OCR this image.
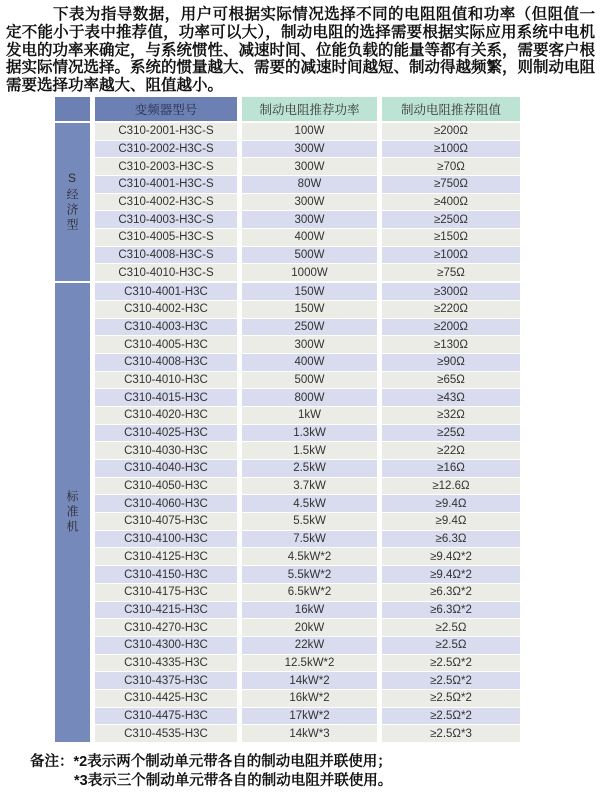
下表为指导数据，用户可根据实际情况选择不同的电阻阻值和功率（但阻值一定不能小于表中推荐值，功率可以大），制动电阻的选择需要根据实际应用系统中电机发电的功率来确定，与系统惯性、减速时间、位能负载的能量等都有关系，需要客户根据实际情况选择。系统的惯量越大、需要的减速时间越短、制动得越频繁，则制动电阻需要选择功率越大、阻值越小。

变频器型号	制动电阻推荐功率	制动电阻推荐阻值
S经济型
C310-2001-H3C-S	100W	≥200Ω
C310-2002-H3C-S	300W	≥100Ω
C310-2003-H3C-S	300W	≥70Ω
C310-4001-H3C-S	80W	≥750Ω
C310-4002-H3C-S	300W	≥400Ω
C310-4003-H3C-S	300W	≥250Ω
C310-4005-H3C-S	400W	≥150Ω
C310-4008-H3C-S	500W	≥100Ω
C310-4010-H3C-S	1000W	≥75Ω
标准机
C310-4001-H3C	150W	≥300Ω
C310-4002-H3C	150W	≥220Ω
C310-4003-H3C	250W	≥200Ω
C310-4005-H3C	300W	≥130Ω
C310-4008-H3C	400W	≥90Ω
C310-4010-H3C	500W	≥65Ω
C310-4015-H3C	800W	≥43Ω
C310-4020-H3C	1kW	≥32Ω
C310-4025-H3C	1.3kW	≥25Ω
C310-4030-H3C	1.5kW	≥22Ω
C310-4040-H3C	2.5kW	≥16Ω
C310-4050-H3C	3.7kW	≥12.6Ω
C310-4060-H3C	4.5kW	≥9.4Ω
C310-4075-H3C	5.5kW	≥9.4Ω
C310-4100-H3C	7.5kW	≥6.3Ω
C310-4125-H3C	4.5kW*2	≥9.4Ω*2
C310-4150-H3C	5.5kW*2	≥9.4Ω*2
C310-4175-H3C	6.5kW*2	≥6.3Ω*2
C310-4215-H3C	16kW	≥6.3Ω*2
C310-4270-H3C	20kW	≥2.5Ω
C310-4300-H3C	22kW	≥2.5Ω
C310-4335-H3C	12.5kW*2	≥2.5Ω*2
C310-4375-H3C	14kW*2	≥2.5Ω*2
C310-4425-H3C	16kW*2	≥2.5Ω*2
C310-4475-H3C	17kW*2	≥2.5Ω*2
C310-4535-H3C	14kW*3	≥2.5Ω*3
备注：*2表示两个制动单元带各自的制动电阻并联使用；
*3表示三个制动单元带各自的制动电阻并联使用。
